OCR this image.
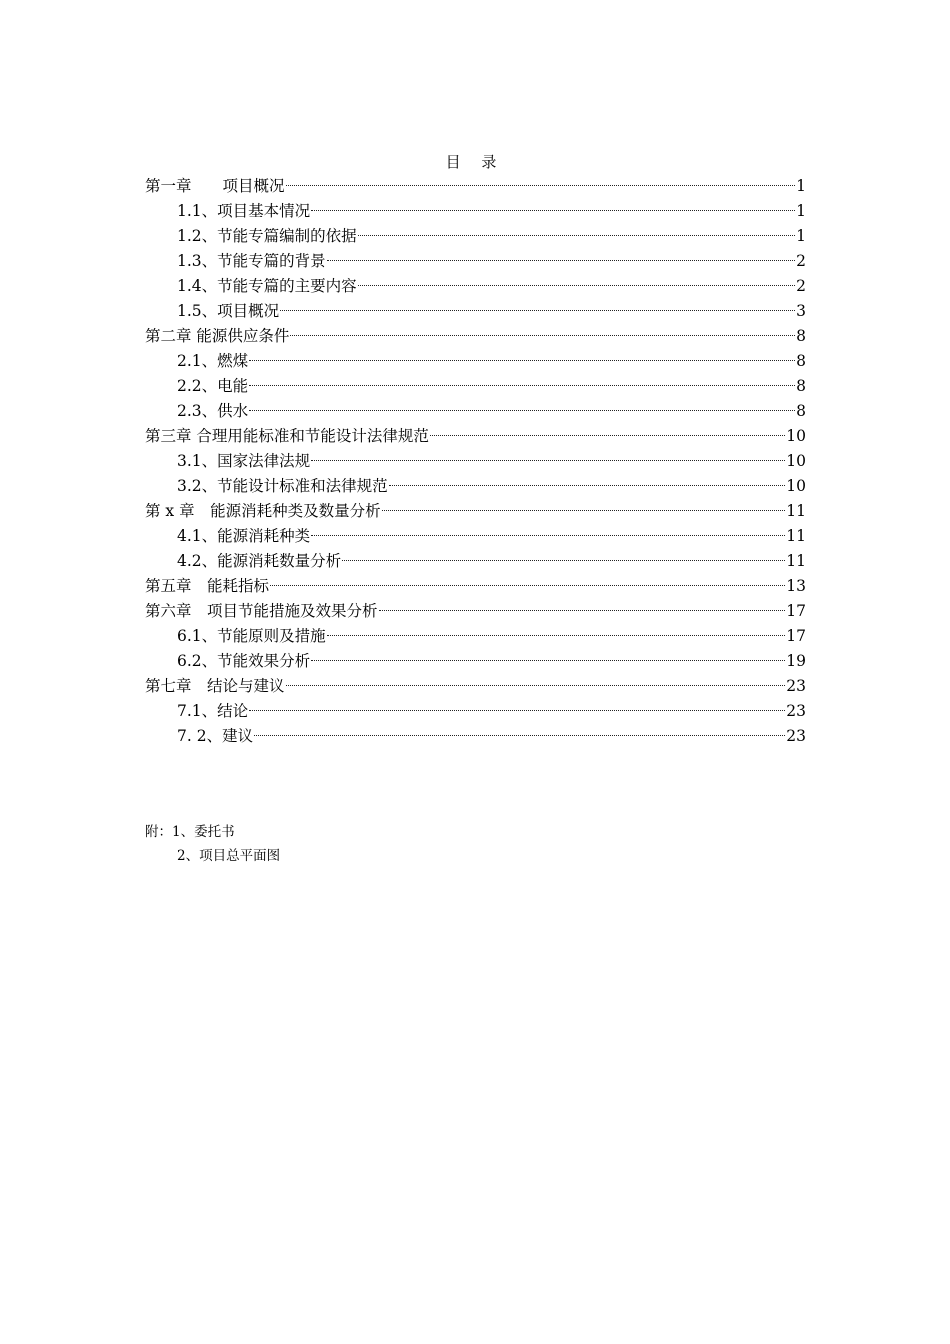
目 录
第一章　　项目概况	1
1.1、项目基本情况	1
1.2、节能专篇编制的依据	1
1.3、节能专篇的背景	2
1.4、节能专篇的主要内容	2
1.5、项目概况	3
第二章 能源供应条件	8
2.1、燃煤	8
2.2、电能	8
2.3、供水	8
第三章 合理用能标准和节能设计法律规范	10
3.1、国家法律法规	10
3.2、节能设计标准和法律规范	10
第 x 章　能源消耗种类及数量分析	11
4.1、能源消耗种类	11
4.2、能源消耗数量分析	11
第五章　能耗指标	13
第六章　项目节能措施及效果分析	17
6.1、节能原则及措施	17
6.2、节能效果分析	19
第七章　结论与建议	23
7.1、结论	23
7. 2、建议	23
附：1、委托书
2、项目总平面图
